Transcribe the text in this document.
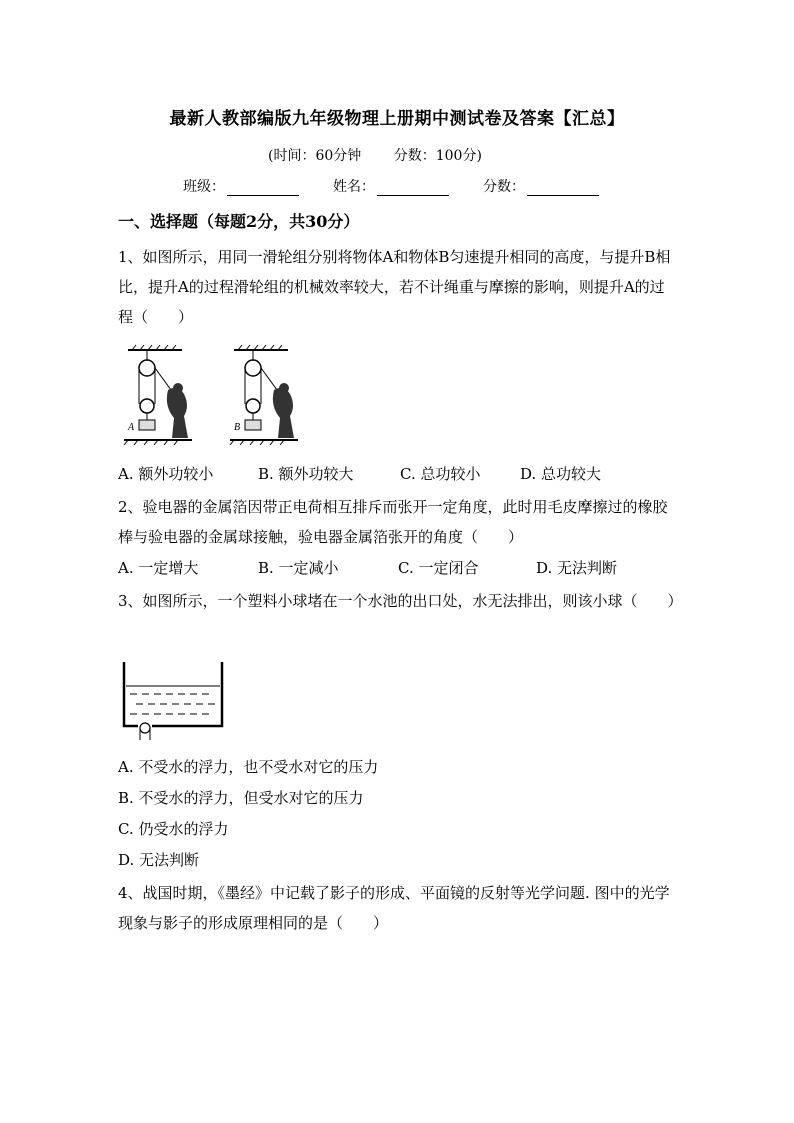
最新人教部编版九年级物理上册期中测试卷及答案【汇总】
(时间：60分钟 分数：100分)
班级：	姓名：	分数：
一、选择题（每题2分，共30分）
1、如图所示，用同一滑轮组分别将物体A和物体B匀速提升相同的高度，与提升B相比，提升A的过程滑轮组的机械效率较大，若不计绳重与摩擦的影响，则提升A的过程（　　）
A	B
A. 额外功较小	B. 额外功较大	C. 总功较小	D. 总功较大
2、验电器的金属箔因带正电荷相互排斥而张开一定角度，此时用毛皮摩擦过的橡胶棒与验电器的金属球接触，验电器金属箔张开的角度（　　）
A. 一定增大	B. 一定减小	C. 一定闭合	D. 无法判断
3、如图所示，一个塑料小球堵在一个水池的出口处，水无法排出，则该小球（　　）
A. 不受水的浮力，也不受水对它的压力
B. 不受水的浮力，但受水对它的压力
C. 仍受水的浮力
D. 无法判断
4、战国时期，《墨经》中记载了影子的形成、平面镜的反射等光学问题. 图中的光学现象与影子的形成原理相同的是（　　）
